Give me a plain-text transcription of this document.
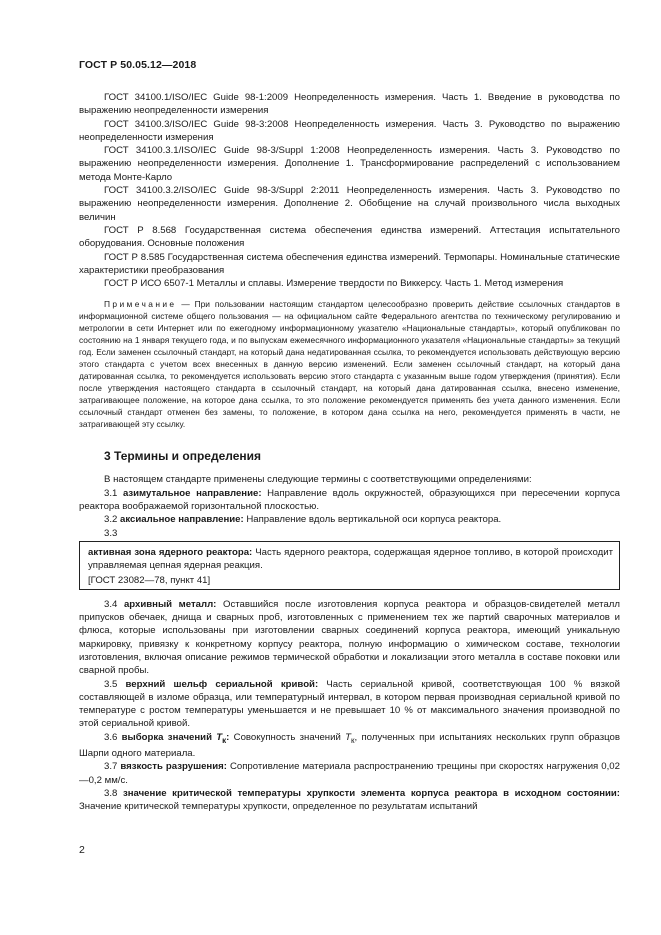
ГОСТ Р 50.05.12—2018

ГОСТ 34100.1/ISO/IEC Guide 98-1:2009 Неопределенность измерения. Часть 1. Введение в руководства по выражению неопределенности измерения

ГОСТ 34100.3/ISO/IEC Guide 98-3:2008 Неопределенность измерения. Часть 3. Руководство по выражению неопределенности измерения

ГОСТ 34100.3.1/ISO/IEC Guide 98-3/Suppl 1:2008 Неопределенность измерения. Часть 3. Руководство по выражению неопределенности измерения. Дополнение 1. Трансформирование распределений с использованием метода Монте-Карло

ГОСТ 34100.3.2/ISO/IEC Guide 98-3/Suppl 2:2011 Неопределенность измерения. Часть 3. Руководство по выражению неопределенности измерения. Дополнение 2. Обобщение на случай произвольного числа выходных величин

ГОСТ Р 8.568 Государственная система обеспечения единства измерений. Аттестация испытательного оборудования. Основные положения

ГОСТ Р 8.585 Государственная система обеспечения единства измерений. Термопары. Номинальные статические характеристики преобразования

ГОСТ Р ИСО 6507-1 Металлы и сплавы. Измерение твердости по Виккерсу. Часть 1. Метод измерения

Примечание — При пользовании настоящим стандартом целесообразно проверить действие ссылочных стандартов в информационной системе общего пользования — на официальном сайте Федерального агентства по техническому регулированию и метрологии в сети Интернет или по ежегодному информационному указателю «Национальные стандарты», который опубликован по состоянию на 1 января текущего года, и по выпускам ежемесячного информационного указателя «Национальные стандарты» за текущий год. Если заменен ссылочный стандарт, на который дана недатированная ссылка, то рекомендуется использовать действующую версию этого стандарта с учетом всех внесенных в данную версию изменений. Если заменен ссылочный стандарт, на который дана датированная ссылка, то рекомендуется использовать версию этого стандарта с указанным выше годом утверждения (принятия). Если после утверждения настоящего стандарта в ссылочный стандарт, на который дана датированная ссылка, внесено изменение, затрагивающее положение, на которое дана ссылка, то это положение рекомендуется применять без учета данного изменения. Если ссылочный стандарт отменен без замены, то положение, в котором дана ссылка на него, рекомендуется применять в части, не затрагивающей эту ссылку.

3 Термины и определения

В настоящем стандарте применены следующие термины с соответствующими определениями:

3.1 азимутальное направление: Направление вдоль окружностей, образующихся при пересечении корпуса реактора воображаемой горизонтальной плоскостью.

3.2 аксиальное направление: Направление вдоль вертикальной оси корпуса реактора.

3.3

активная зона ядерного реактора: Часть ядерного реактора, содержащая ядерное топливо, в которой происходит управляемая цепная ядерная реакция.

[ГОСТ 23082—78, пункт 41]

3.4 архивный металл: Оставшийся после изготовления корпуса реактора и образцов-свидетелей металл припусков обечаек, днища и сварных проб, изготовленных с применением тех же партий сварочных материалов и флюса, которые использованы при изготовлении сварных соединений корпуса реактора, имеющий уникальную маркировку, привязку к конкретному корпусу реактора, полную информацию о химическом составе, технологии изготовления, включая описание режимов термической обработки и локализации этого металла в составе поковки или сварной пробы.

3.5 верхний шельф сериальной кривой: Часть сериальной кривой, соответствующая 100 % вязкой составляющей в изломе образца, или температурный интервал, в котором первая производная сериальной кривой по температуре с ростом температуры уменьшается и не превышает 10 % от максимального значения производной по этой сериальной кривой.

3.6 выборка значений $T_к$: Совокупность значений $T_к$, полученных при испытаниях нескольких групп образцов Шарпи одного материала.

3.7 вязкость разрушения: Сопротивление материала распространению трещины при скоростях нагружения 0,02—0,2 мм/с.

3.8 значение критической температуры хрупкости элемента корпуса реактора в исходном состоянии: Значение критической температуры хрупкости, определенное по результатам испытаний

2
